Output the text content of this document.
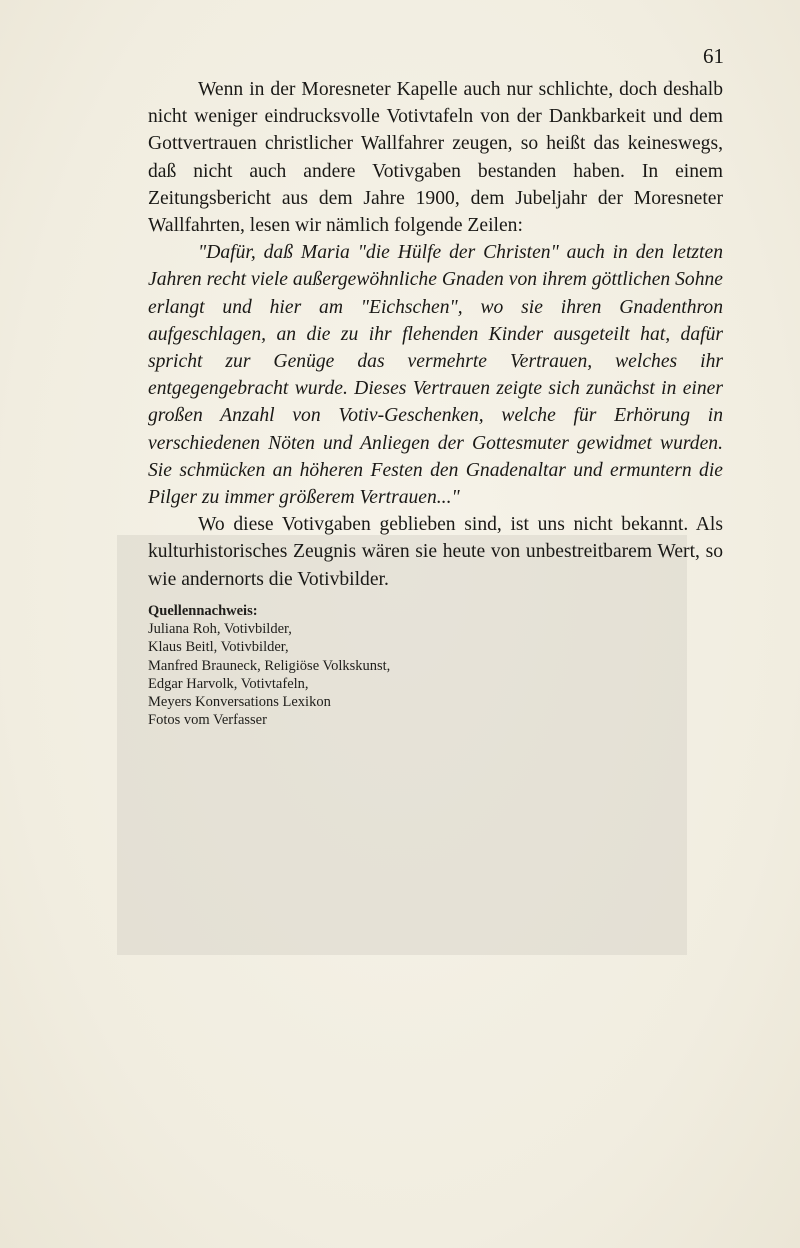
61

Wenn in der Moresneter Kapelle auch nur schlichte, doch deshalb nicht weniger eindrucksvolle Votivtafeln von der Dankbarkeit und dem Gottvertrauen christlicher Wallfahrer zeugen, so heißt das keineswegs, daß nicht auch andere Votivgaben bestanden haben. In einem Zeitungsbericht aus dem Jahre 1900, dem Jubeljahr der Moresneter Wallfahrten, lesen wir nämlich folgende Zeilen:

"Dafür, daß Maria "die Hülfe der Christen" auch in den letzten Jahren recht viele außergewöhnliche Gnaden von ihrem göttlichen Sohne erlangt und hier am "Eichschen", wo sie ihren Gnadenthron aufgeschlagen, an die zu ihr flehenden Kinder ausgeteilt hat, dafür spricht zur Genüge das vermehrte Vertrauen, welches ihr entgegengebracht wurde. Dieses Vertrauen zeigte sich zunächst in einer großen Anzahl von Votiv-Geschenken, welche für Erhörung in verschiedenen Nöten und Anliegen der Gottesmuter gewidmet wurden. Sie schmücken an höheren Festen den Gnadenaltar und ermuntern die Pilger zu immer größerem Vertrauen..."

Wo diese Votivgaben geblieben sind, ist uns nicht bekannt. Als kulturhistorisches Zeugnis wären sie heute von unbestreitbarem Wert, so wie andernorts die Votivbilder.

Quellennachweis:
Juliana Roh, Votivbilder,
Klaus Beitl, Votivbilder,
Manfred Brauneck, Religiöse Volkskunst,
Edgar Harvolk, Votivtafeln,
Meyers Konversations Lexikon
Fotos vom Verfasser
